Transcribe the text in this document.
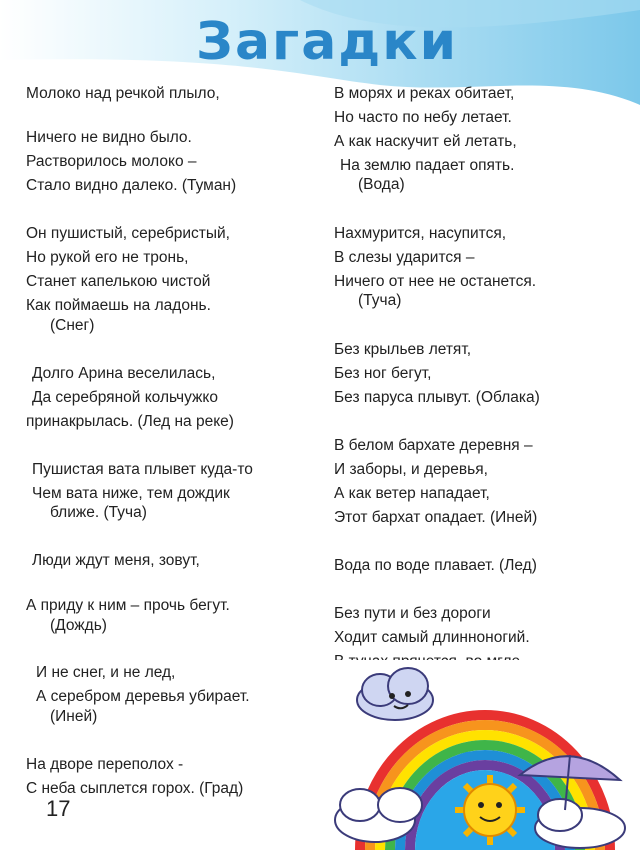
Загадки
Молоко над речкой плыло,
Ничего не видно было.
Растворилось молоко –
Стало видно далеко. (Туман)
Он пушистый, серебристый,
Но рукой его не тронь,
Станет капелькою чистой
Как поймаешь на ладонь.
(Снег)
Долго Арина веселилась,
Да серебряной кольчужко
принакрылась. (Лед на реке)
Пушистая вата плывет куда-то
Чем вата ниже, тем дождик
ближе. (Туча)
Люди ждут меня, зовут,
А приду к ним – прочь бегут.
(Дождь)
И не снег, и не лед,
А серебром деревья убирает.
(Иней)
На дворе переполох -
С неба сыплется горох. (Град)
В морях и реках обитает,
Но часто по небу летает.
А как наскучит ей летать,
На землю падает опять.
(Вода)
Нахмурится, насупится,
В слезы ударится –
Ничего от нее не останется.
(Туча)
Без крыльев летят,
Без ног бегут,
Без паруса плывут. (Облака)
В белом бархате деревня –
И заборы, и деревья,
А как ветер нападает,
Этот бархат опадает. (Иней)
Вода по воде плавает. (Лед)
Без пути и без дороги
Ходит самый длинноногий.
17
